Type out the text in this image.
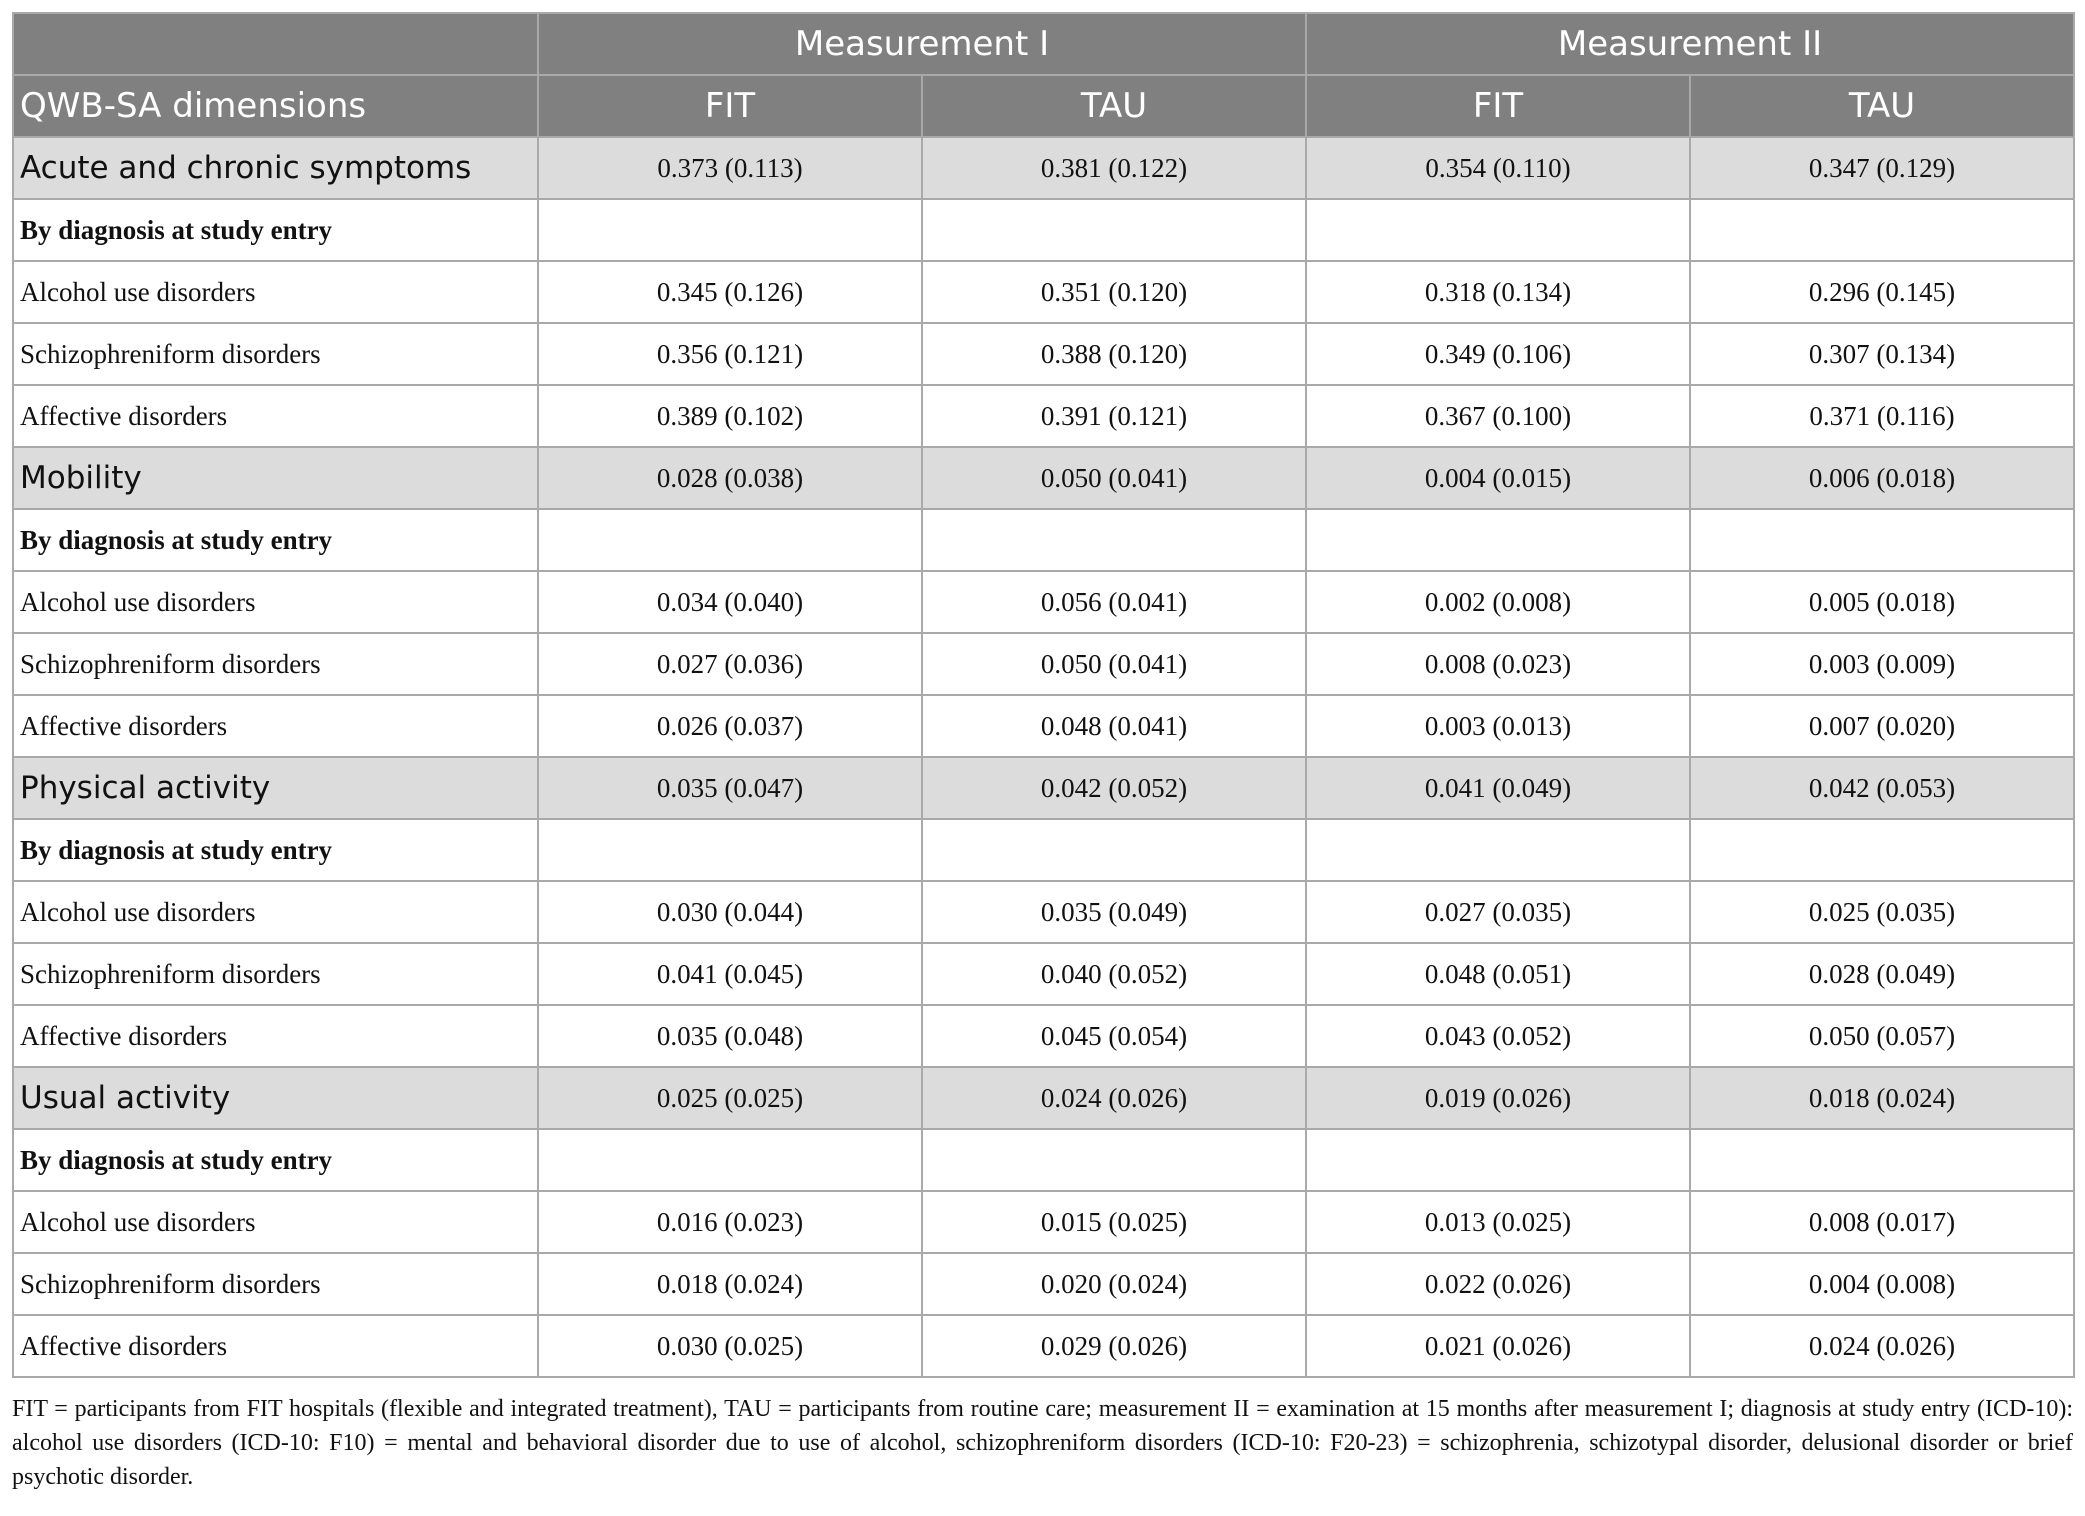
	Measurement I		Measurement II	
QWB-SA dimensions	FIT	TAU	FIT	TAU
Acute and chronic symptoms	0.373 (0.113)	0.381 (0.122)	0.354 (0.110)	0.347 (0.129)
By diagnosis at study entry				
Alcohol use disorders	0.345 (0.126)	0.351 (0.120)	0.318 (0.134)	0.296 (0.145)
Schizophreniform disorders	0.356 (0.121)	0.388 (0.120)	0.349 (0.106)	0.307 (0.134)
Affective disorders	0.389 (0.102)	0.391 (0.121)	0.367 (0.100)	0.371 (0.116)
Mobility	0.028 (0.038)	0.050 (0.041)	0.004 (0.015)	0.006 (0.018)
By diagnosis at study entry				
Alcohol use disorders	0.034 (0.040)	0.056 (0.041)	0.002 (0.008)	0.005 (0.018)
Schizophreniform disorders	0.027 (0.036)	0.050 (0.041)	0.008 (0.023)	0.003 (0.009)
Affective disorders	0.026 (0.037)	0.048 (0.041)	0.003 (0.013)	0.007 (0.020)
Physical activity	0.035 (0.047)	0.042 (0.052)	0.041 (0.049)	0.042 (0.053)
By diagnosis at study entry				
Alcohol use disorders	0.030 (0.044)	0.035 (0.049)	0.027 (0.035)	0.025 (0.035)
Schizophreniform disorders	0.041 (0.045)	0.040 (0.052)	0.048 (0.051)	0.028 (0.049)
Affective disorders	0.035 (0.048)	0.045 (0.054)	0.043 (0.052)	0.050 (0.057)
Usual activity	0.025 (0.025)	0.024 (0.026)	0.019 (0.026)	0.018 (0.024)
By diagnosis at study entry				
Alcohol use disorders	0.016 (0.023)	0.015 (0.025)	0.013 (0.025)	0.008 (0.017)
Schizophreniform disorders	0.018 (0.024)	0.020 (0.024)	0.022 (0.026)	0.004 (0.008)
Affective disorders	0.030 (0.025)	0.029 (0.026)	0.021 (0.026)	0.024 (0.026)
FIT = participants from FIT hospitals (flexible and integrated treatment), TAU = participants from routine care; measurement II = examination at 15 months after measurement I; diagnosis at study entry (ICD-10): alcohol use disorders (ICD-10: F10) = mental and behavioral disorder due to use of alcohol, schizophreniform disorders (ICD-10: F20-23) = schizophrenia, schizotypal disorder, delusional disorder or brief psychotic disorder.
